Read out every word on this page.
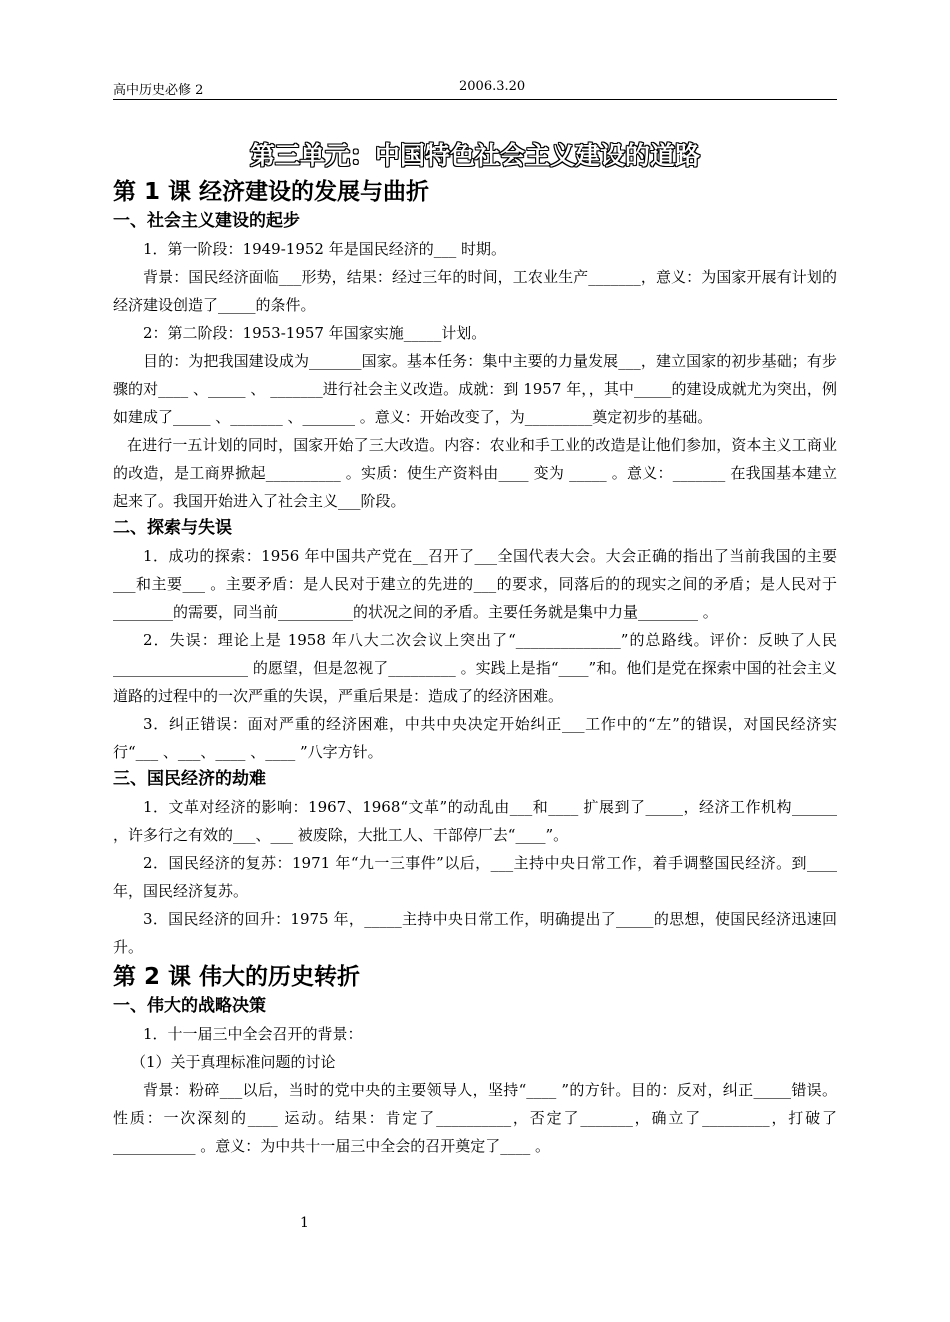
高中历史必修 2	2006.3.20
第三单元：中国特色社会主义建设的道路
第 1 课 经济建设的发展与曲折
一、社会主义建设的起步

1．第一阶段：1949-1952 年是国民经济的___ 时期。

背景：国民经济面临___形势，结果：经过三年的时间，工农业生产_______，意义：为国家开展有计划的经济建设创造了_____的条件。

2：第二阶段：1953-1957 年国家实施_____计划。

目的：为把我国建设成为_______国家。基本任务：集中主要的力量发展___，建立国家的初步基础；有步骤的对____ 、_____ 、 _______进行社会主义改造。成就：到 1957 年，，其中_____的建设成就尤为突出，例如建成了_____ 、_______ 、_______ 。意义：开始改变了，为_________奠定初步的基础。

在进行一五计划的同时，国家开始了三大改造。内容：农业和手工业的改造是让他们参加，资本主义工商业的改造，是工商界掀起__________ 。实质：使生产资料由____ 变为 _____ 。意义：_______ 在我国基本建立起来了。我国开始进入了社会主义___阶段。

二、探索与失误

1．成功的探索：1956 年中国共产党在__召开了___全国代表大会。大会正确的指出了当前我国的主要___和主要___ 。主要矛盾：是人民对于建立的先进的___的要求，同落后的的现实之间的矛盾；是人民对于________的需要，同当前__________的状况之间的矛盾。主要任务就是集中力量________ 。

2．失误：理论上是 1958 年八大二次会议上突出了“______________”的总路线。评价：反映了人民__________________ 的愿望，但是忽视了_________ 。实践上是指“____”和。他们是党在探索中国的社会主义道路的过程中的一次严重的失误，严重后果是：造成了的经济困难。

3．纠正错误：面对严重的经济困难，中共中央决定开始纠正___工作中的“左”的错误，对国民经济实行“___ 、___、____ 、____ ”八字方针。

三、国民经济的劫难

1．文革对经济的影响：1967、1968“文革”的动乱由___和____ 扩展到了_____，经济工作机构______ ，许多行之有效的___、___ 被废除，大批工人、干部停厂去“____”。

2．国民经济的复苏：1971 年“九一三事件”以后，___主持中央日常工作，着手调整国民经济。到____ 年，国民经济复苏。

3．国民经济的回升：1975 年，_____主持中央日常工作，明确提出了_____的思想，使国民经济迅速回升。

第 2 课 伟大的历史转折
一、伟大的战略决策

1．十一届三中全会召开的背景：

（1）关于真理标准问题的讨论

背景：粉碎___以后，当时的党中央的主要领导人，坚持“____ ”的方针。目的：反对，纠正_____错误。性质：一次深刻的____ 运动。结果：肯定了__________，否定了_______，确立了_________，打破了___________ 。意义：为中共十一届三中全会的召开奠定了____ 。

1
